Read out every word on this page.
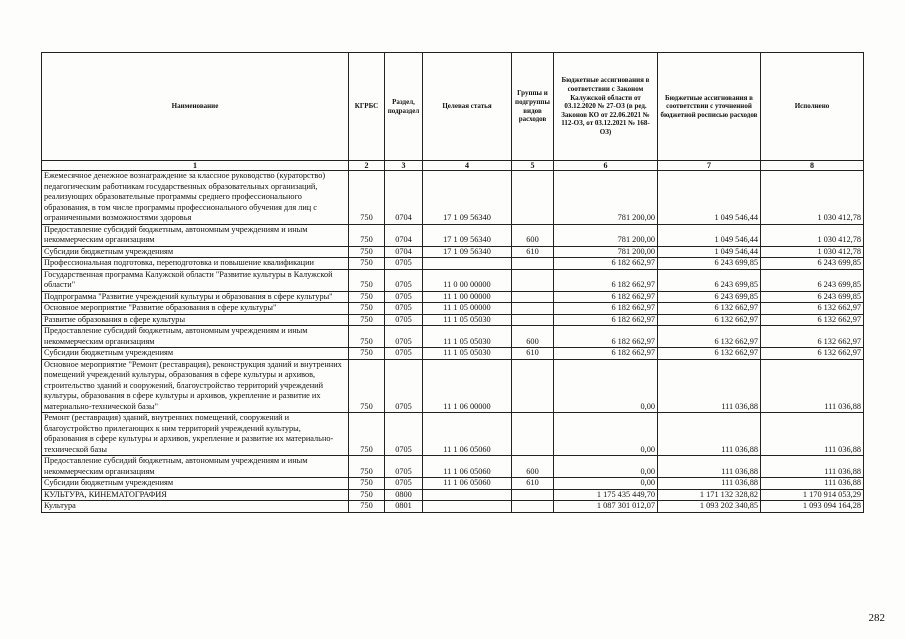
Наименование	КГРБС	Раздел, подраздел	Целевая статья	Группы и подгруппы видов расходов	Бюджетные ассигнования в соответствии с Законом Калужской области от 03.12.2020 № 27-ОЗ (в ред. Законов КО от 22.06.2021 № 112-ОЗ, от 03.12.2021 № 168-ОЗ)	Бюджетные ассигнования в соответствии с уточненной бюджетной росписью расходов	Исполнено
1	2	3	4	5	6	7	8
Ежемесячное денежное вознаграждение за классное руководство (кураторство) педагогическим работникам государственных образовательных организаций, реализующих образовательные программы среднего профессионального образования, в том числе программы профессионального обучения для лиц с ограниченными возможностями здоровья	750	0704	17 1 09 56340		781 200,00	1 049 546,44	1 030 412,78
Предоставление субсидий бюджетным, автономным учреждениям и иным некоммерческим организациям	750	0704	17 1 09 56340	600	781 200,00	1 049 546,44	1 030 412,78
Субсидии бюджетным учреждениям	750	0704	17 1 09 56340	610	781 200,00	1 049 546,44	1 030 412,78
Профессиональная подготовка, переподготовка и повышение квалификации	750	0705			6 182 662,97	6 243 699,85	6 243 699,85
Государственная программа Калужской области "Развитие культуры в Калужской области"	750	0705	11 0 00 00000		6 182 662,97	6 243 699,85	6 243 699,85
Подпрограмма "Развитие учреждений культуры и образования в сфере культуры"	750	0705	11 1 00 00000		6 182 662,97	6 243 699,85	6 243 699,85
Основное мероприятие "Развитие образования в сфере культуры"	750	0705	11 1 05 00000		6 182 662,97	6 132 662,97	6 132 662,97
Развитие образования в сфере культуры	750	0705	11 1 05 05030		6 182 662,97	6 132 662,97	6 132 662,97
Предоставление субсидий бюджетным, автономным учреждениям и иным некоммерческим организациям	750	0705	11 1 05 05030	600	6 182 662,97	6 132 662,97	6 132 662,97
Субсидии бюджетным учреждениям	750	0705	11 1 05 05030	610	6 182 662,97	6 132 662,97	6 132 662,97
Основное мероприятие "Ремонт (реставрация), реконструкция зданий и внутренних помещений учреждений культуры, образования в сфере культуры и архивов, строительство зданий и сооружений, благоустройство территорий учреждений культуры, образования в сфере культуры и архивов, укрепление и развитие их материально-технической базы"	750	0705	11 1 06 00000		0,00	111 036,88	111 036,88
Ремонт (реставрация) зданий, внутренних помещений, сооружений и благоустройство прилегающих к ним территорий учреждений культуры, образования в сфере культуры и архивов, укрепление и развитие их материально-технической базы	750	0705	11 1 06 05060		0,00	111 036,88	111 036,88
Предоставление субсидий бюджетным, автономным учреждениям и иным некоммерческим организациям	750	0705	11 1 06 05060	600	0,00	111 036,88	111 036,88
Субсидии бюджетным учреждениям	750	0705	11 1 06 05060	610	0,00	111 036,88	111 036,88
КУЛЬТУРА, КИНЕМАТОГРАФИЯ	750	0800			1 175 435 449,70	1 171 132 328,82	1 170 914 053,29
Культура	750	0801			1 087 301 012,07	1 093 202 340,85	1 093 094 164,28
282
